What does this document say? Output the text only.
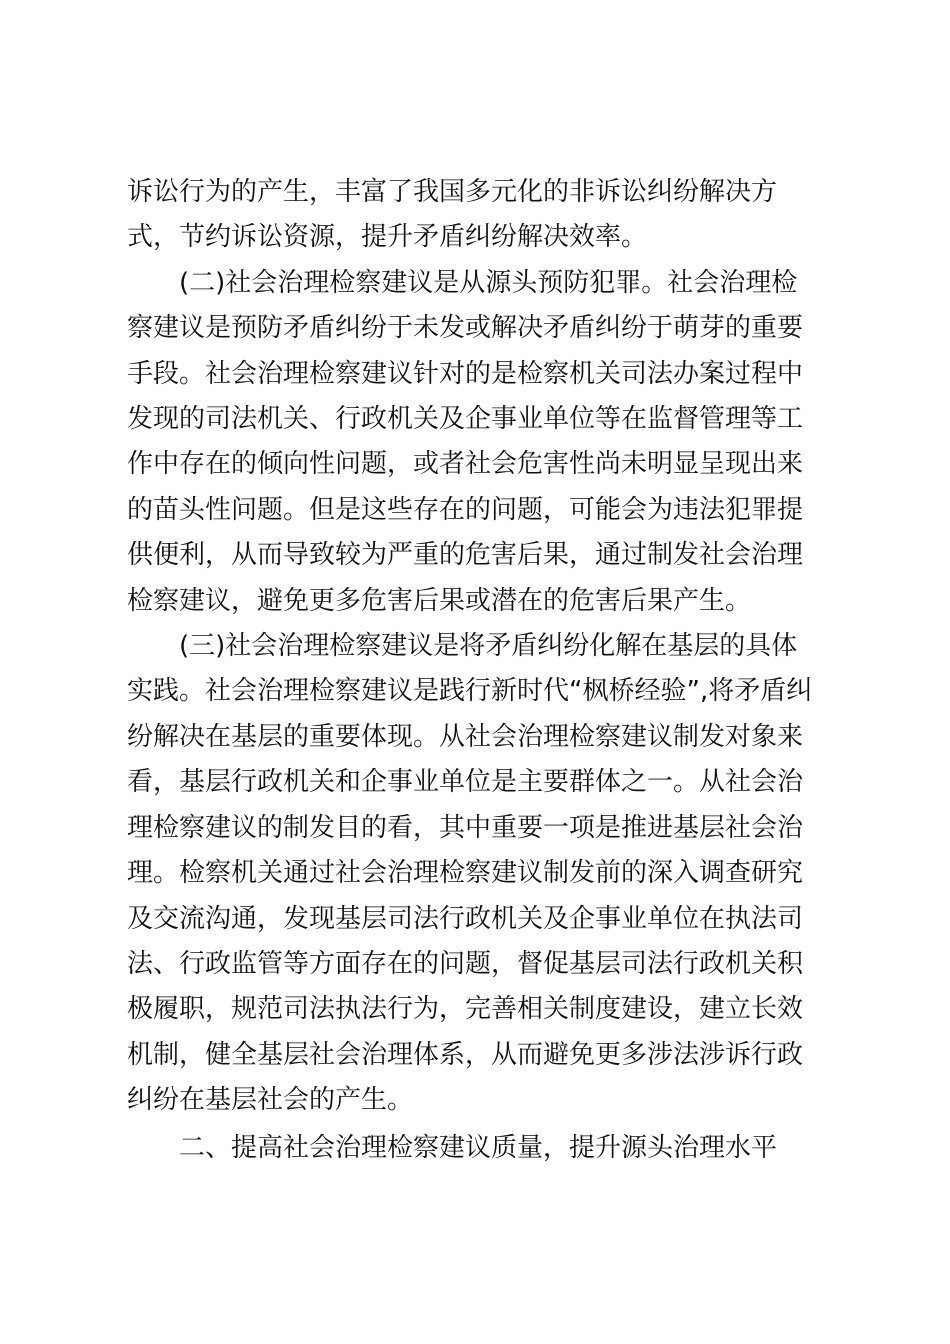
诉讼行为的产生，丰富了我国多元化的非诉讼纠纷解决方式，节约诉讼资源，提升矛盾纠纷解决效率。

(二)社会治理检察建议是从源头预防犯罪。社会治理检察建议是预防矛盾纠纷于未发或解决矛盾纠纷于萌芽的重要手段。社会治理检察建议针对的是检察机关司法办案过程中发现的司法机关、行政机关及企事业单位等在监督管理等工作中存在的倾向性问题，或者社会危害性尚未明显呈现出来的苗头性问题。但是这些存在的问题，可能会为违法犯罪提供便利，从而导致较为严重的危害后果，通过制发社会治理检察建议，避免更多危害后果或潜在的危害后果产生。

(三)社会治理检察建议是将矛盾纠纷化解在基层的具体实践。社会治理检察建议是践行新时代“枫桥经验”,将矛盾纠纷解决在基层的重要体现。从社会治理检察建议制发对象来看，基层行政机关和企事业单位是主要群体之一。从社会治理检察建议的制发目的看，其中重要一项是推进基层社会治理。检察机关通过社会治理检察建议制发前的深入调查研究及交流沟通，发现基层司法行政机关及企事业单位在执法司法、行政监管等方面存在的问题，督促基层司法行政机关积极履职，规范司法执法行为，完善相关制度建设，建立长效机制，健全基层社会治理体系，从而避免更多涉法涉诉行政纠纷在基层社会的产生。

二、提高社会治理检察建议质量，提升源头治理水平
